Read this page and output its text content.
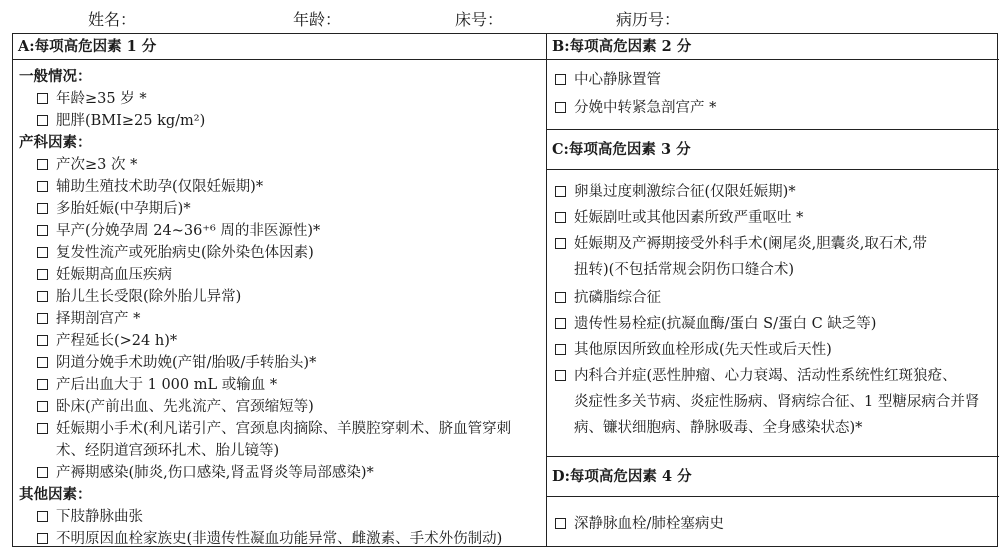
姓名：	年龄：	床号：	病历号：
A:每项高危因素 1 分	B:每项高危因素 2 分
C:每项高危因素 3 分
D:每项高危因素 4 分
一般情况：
年龄≥35 岁 *
肥胖(BMI≥25 kg/m²)
产科因素：
产次≥3 次 *
辅助生殖技术助孕(仅限妊娠期)*
多胎妊娠(中孕期后)*
早产(分娩孕周 24~36⁺⁶ 周的非医源性)*
复发性流产或死胎病史(除外染色体因素)
妊娠期高血压疾病
胎儿生长受限(除外胎儿异常)
择期剖宫产 *
产程延长(>24 h)*
阴道分娩手术助娩(产钳/胎吸/手转胎头)*
产后出血大于 1 000 mL 或输血 *
卧床(产前出血、先兆流产、宫颈缩短等)
妊娠期小手术(利凡诺引产、宫颈息肉摘除、羊膜腔穿刺术、脐血管穿刺
术、经阴道宫颈环扎术、胎儿镜等)
产褥期感染(肺炎,伤口感染,肾盂肾炎等局部感染)*
其他因素：
下肢静脉曲张
不明原因血栓家族史(非遗传性凝血功能异常、雌激素、手术外伤制动)
中心静脉置管
分娩中转紧急剖宫产 *
卵巢过度刺激综合征(仅限妊娠期)*
妊娠剧吐或其他因素所致严重呕吐 *
妊娠期及产褥期接受外科手术(阑尾炎,胆囊炎,取石术,带
扭转)(不包括常规会阴伤口缝合术)
抗磷脂综合征
遗传性易栓症(抗凝血酶/蛋白 S/蛋白 C 缺乏等)
其他原因所致血栓形成(先天性或后天性)
内科合并症(恶性肿瘤、心力衰竭、活动性系统性红斑狼疮、
炎症性多关节病、炎症性肠病、肾病综合征、1 型糖尿病合并肾
病、镰状细胞病、静脉吸毒、全身感染状态)*
深静脉血栓/肺栓塞病史
